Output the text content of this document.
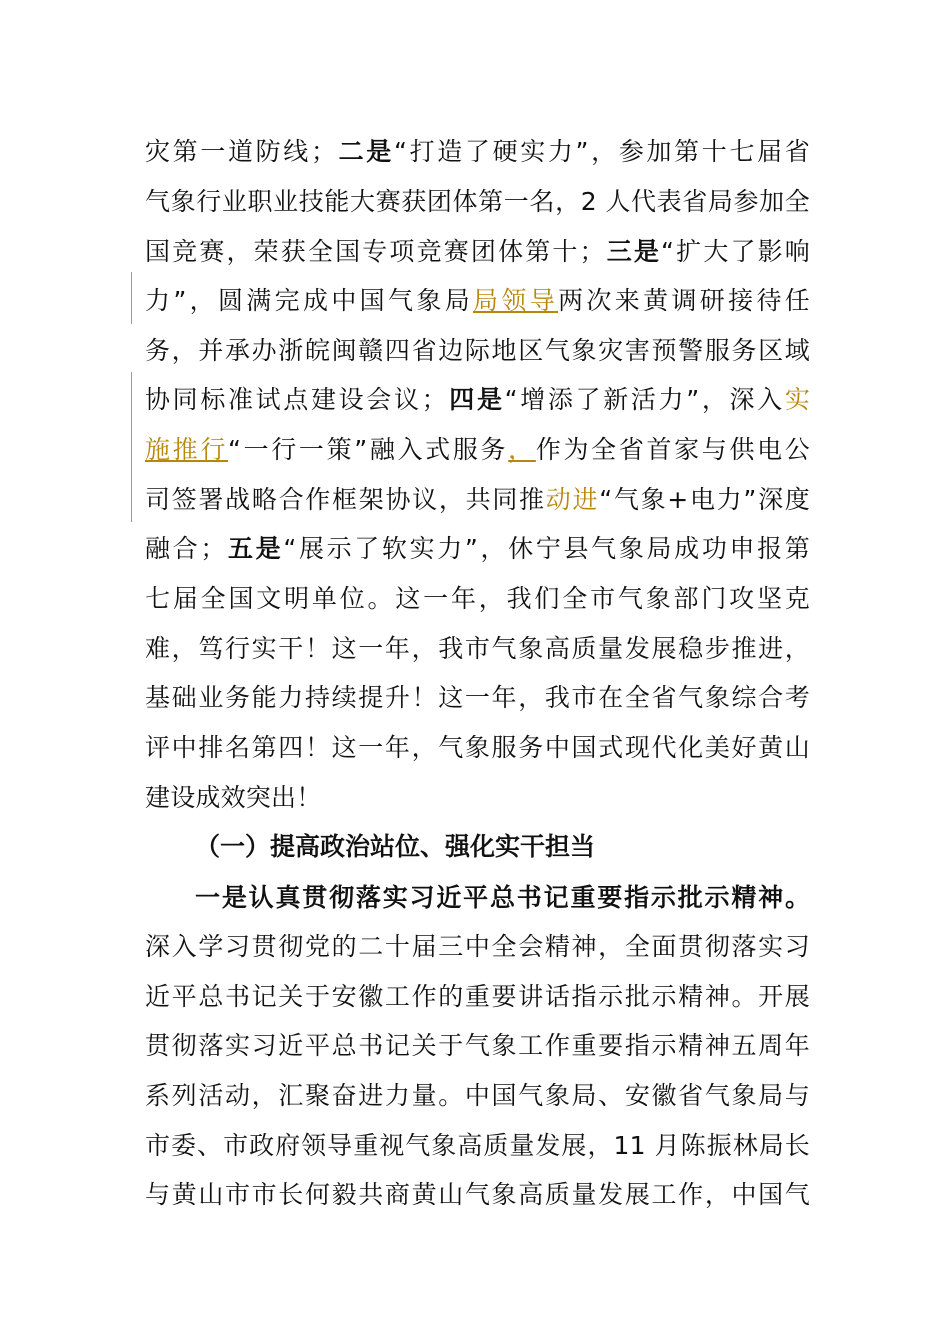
灾第一道防线；二是“打造了硬实力”，参加第十七届省
气象行业职业技能大赛获团体第一名，2 人代表省局参加全
国竞赛，荣获全国专项竞赛团体第十；三是“扩大了影响
力”，圆满完成中国气象局局领导两次来黄调研接待任
务，并承办浙皖闽赣四省边际地区气象灾害预警服务区域
协同标准试点建设会议；四是“增添了新活力”，深入实
施推行“一行一策”融入式服务，作为全省首家与供电公
司签署战略合作框架协议，共同推动进“气象+电力”深度
融合；五是“展示了软实力”，休宁县气象局成功申报第
七届全国文明单位。这一年，我们全市气象部门攻坚克
难，笃行实干！这一年，我市气象高质量发展稳步推进，
基础业务能力持续提升！这一年，我市在全省气象综合考
评中排名第四！这一年，气象服务中国式现代化美好黄山
建设成效突出！
（一）提高政治站位、强化实干担当
一是认真贯彻落实习近平总书记重要指示批示精神。
深入学习贯彻党的二十届三中全会精神，全面贯彻落实习
近平总书记关于安徽工作的重要讲话指示批示精神。开展
贯彻落实习近平总书记关于气象工作重要指示精神五周年
系列活动，汇聚奋进力量。中国气象局、安徽省气象局与
市委、市政府领导重视气象高质量发展，11 月陈振林局长
与黄山市市长何毅共商黄山气象高质量发展工作，中国气
